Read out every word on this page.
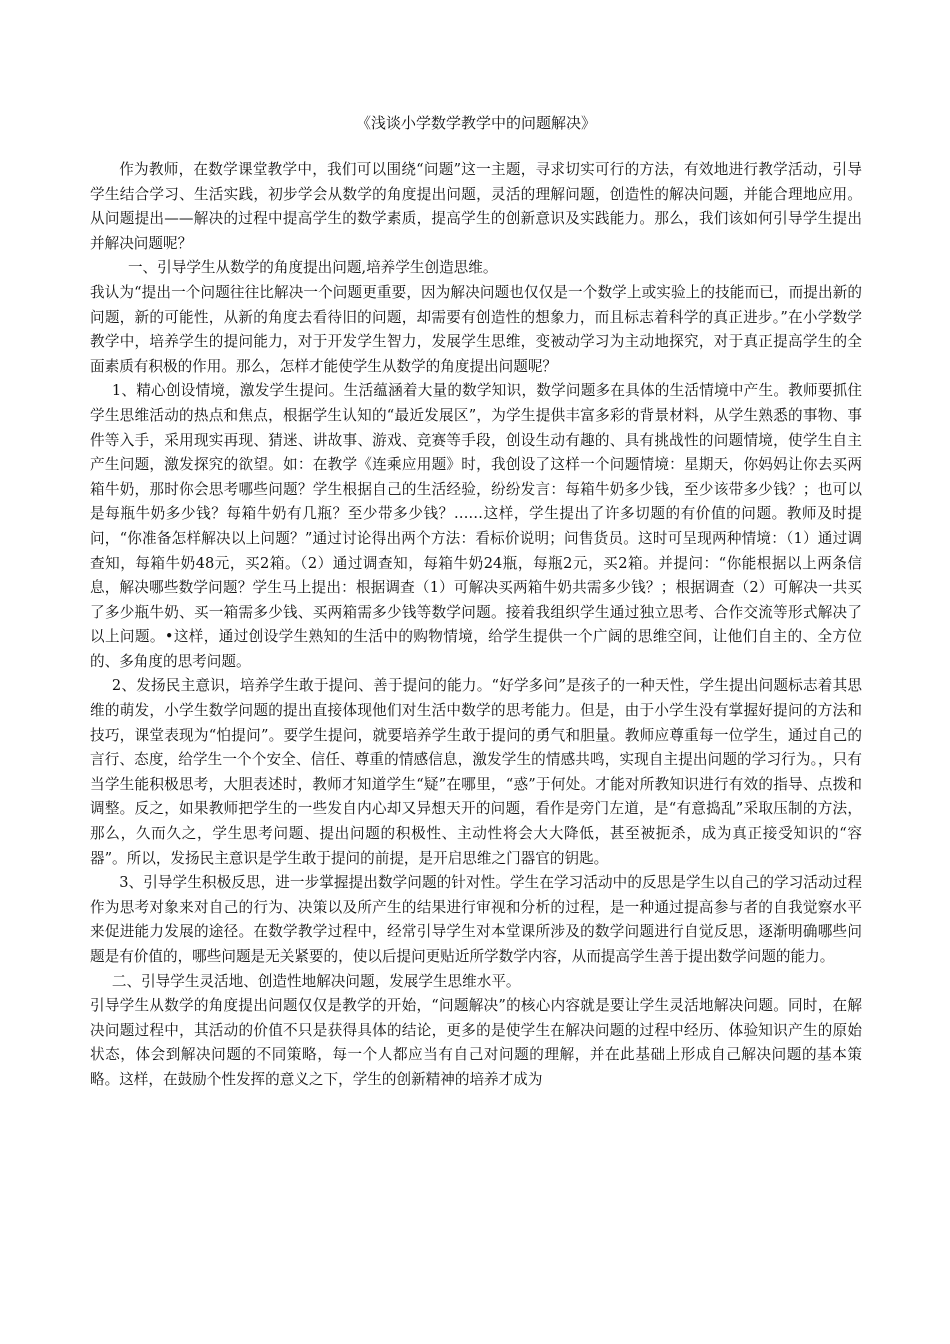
《浅谈小学数学教学中的问题解决》

作为教师，在数学课堂教学中，我们可以围绕“问题”这一主题，寻求切实可行的方法，有效地进行教学活动，引导学生结合学习、生活实践，初步学会从数学的角度提出问题，灵活的理解问题，创造性的解决问题，并能合理地应用。从问题提出——解决的过程中提高学生的数学素质，提高学生的创新意识及实践能力。那么，我们该如何引导学生提出并解决问题呢？

一、引导学生从数学的角度提出问题,培养学生创造思维。

我认为“提出一个问题往往比解决一个问题更重要，因为解决问题也仅仅是一个数学上或实验上的技能而已，而提出新的问题，新的可能性，从新的角度去看待旧的问题，却需要有创造性的想象力，而且标志着科学的真正进步。”在小学数学教学中，培养学生的提问能力，对于开发学生智力，发展学生思维，变被动学习为主动地探究，对于真正提高学生的全面素质有积极的作用。那么，怎样才能使学生从数学的角度提出问题呢？

1、精心创设情境，激发学生提问。生活蕴涵着大量的数学知识，数学问题多在具体的生活情境中产生。教师要抓住学生思维活动的热点和焦点，根据学生认知的“最近发展区”，为学生提供丰富多彩的背景材料，从学生熟悉的事物、事件等入手，采用现实再现、猜迷、讲故事、游戏、竞赛等手段，创设生动有趣的、具有挑战性的问题情境，使学生自主产生问题，激发探究的欲望。如：在教学《连乘应用题》时，我创设了这样一个问题情境：星期天，你妈妈让你去买两箱牛奶，那时你会思考哪些问题？学生根据自己的生活经验，纷纷发言：每箱牛奶多少钱，至少该带多少钱？；也可以是每瓶牛奶多少钱？每箱牛奶有几瓶？至少带多少钱？……这样，学生提出了许多切题的有价值的问题。教师及时提问，“你准备怎样解决以上问题？”通过讨论得出两个方法：看标价说明；问售货员。这时可呈现两种情境：（1）通过调查知，每箱牛奶48元，买2箱。（2）通过调查知，每箱牛奶24瓶，每瓶2元，买2箱。并提问：“你能根据以上两条信息，解决哪些数学问题？学生马上提出：根据调查（1）可解决买两箱牛奶共需多少钱？；根据调查（2）可解决一共买了多少瓶牛奶、买一箱需多少钱、买两箱需多少钱等数学问题。接着我组织学生通过独立思考、合作交流等形式解决了以上问题。•这样，通过创设学生熟知的生活中的购物情境，给学生提供一个广阔的思维空间，让他们自主的、全方位的、多角度的思考问题。

2、发扬民主意识，培养学生敢于提问、善于提问的能力。“好学多问”是孩子的一种天性，学生提出问题标志着其思维的萌发，小学生数学问题的提出直接体现他们对生活中数学的思考能力。但是，由于小学生没有掌握好提问的方法和技巧，课堂表现为“怕提问”。要学生提问，就要培养学生敢于提问的勇气和胆量。教师应尊重每一位学生，通过自己的言行、态度，给学生一个个安全、信任、尊重的情感信息，激发学生的情感共鸣，实现自主提出问题的学习行为。，只有当学生能积极思考，大胆表述时，教师才知道学生“疑”在哪里，“惑”于何处。才能对所教知识进行有效的指导、点拨和调整。反之，如果教师把学生的一些发自内心却又异想天开的问题，看作是旁门左道，是“有意捣乱”采取压制的方法，那么，久而久之，学生思考问题、提出问题的积极性、主动性将会大大降低，甚至被扼杀，成为真正接受知识的“容器”。所以，发扬民主意识是学生敢于提问的前提，是开启思维之门器官的钥匙。

3、引导学生积极反思，进一步掌握提出数学问题的针对性。学生在学习活动中的反思是学生以自己的学习活动过程作为思考对象来对自己的行为、决策以及所产生的结果进行审视和分析的过程，是一种通过提高参与者的自我觉察水平来促进能力发展的途径。在数学教学过程中，经常引导学生对本堂课所涉及的数学问题进行自觉反思，逐渐明确哪些问题是有价值的，哪些问题是无关紧要的，使以后提问更贴近所学数学内容，从而提高学生善于提出数学问题的能力。

二、引导学生灵活地、创造性地解决问题，发展学生思维水平。

引导学生从数学的角度提出问题仅仅是教学的开始，“问题解决”的核心内容就是要让学生灵活地解决问题。同时，在解决问题过程中，其活动的价值不只是获得具体的结论，更多的是使学生在解决问题的过程中经历、体验知识产生的原始状态，体会到解决问题的不同策略，每一个人都应当有自己对问题的理解，并在此基础上形成自己解决问题的基本策略。这样，在鼓励个性发挥的意义之下，学生的创新精神的培养才成为
